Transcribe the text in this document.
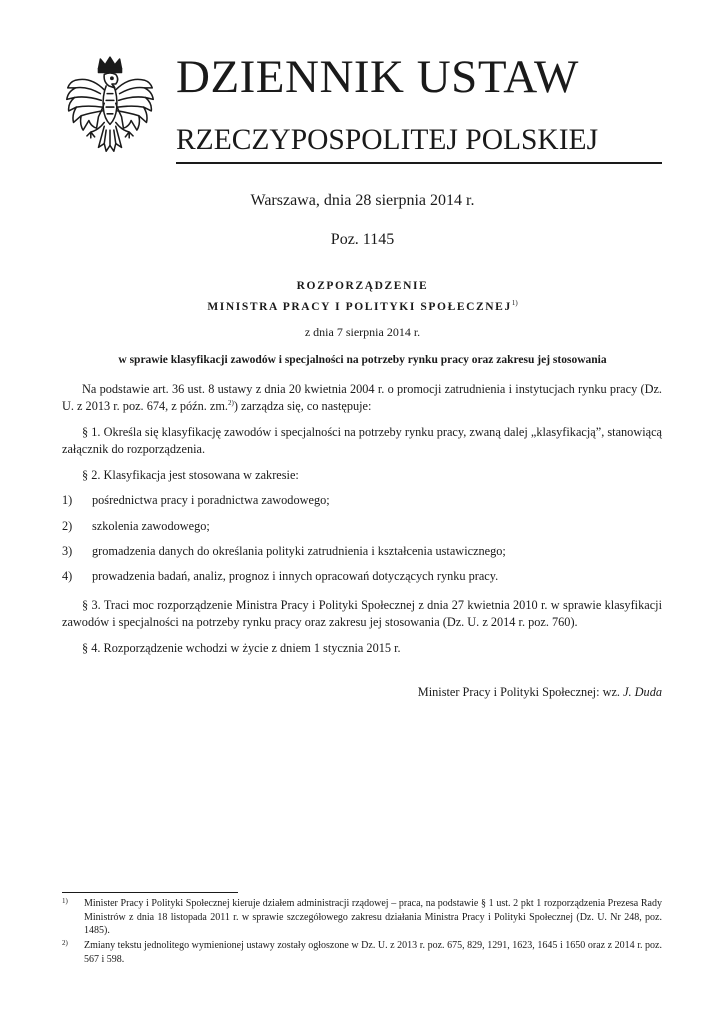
DZIENNIK USTAW
RZECZYPOSPOLITEJ POLSKIEJ

Warszawa, dnia 28 sierpnia 2014 r.

Poz. 1145

ROZPORZĄDZENIE

MINISTRA PRACY I POLITYKI SPOŁECZNEJ$^{1)}$

z dnia 7 sierpnia 2014 r.

w sprawie klasyfikacji zawodów i specjalności na potrzeby rynku pracy oraz zakresu jej stosowania

Na podstawie art. 36 ust. 8 ustawy z dnia 20 kwietnia 2004 r. o promocji zatrudnienia i instytucjach rynku pracy (Dz. U. z 2013 r. poz. 674, z późn. zm.$^{2)}$) zarządza się, co następuje:

§ 1. Określa się klasyfikację zawodów i specjalności na potrzeby rynku pracy, zwaną dalej „klasyfikacją”, stanowiącą załącznik do rozporządzenia.

§ 2. Klasyfikacja jest stosowana w zakresie:

1) pośrednictwa pracy i poradnictwa zawodowego;
2) szkolenia zawodowego;
3) gromadzenia danych do określania polityki zatrudnienia i kształcenia ustawicznego;
4) prowadzenia badań, analiz, prognoz i innych opracowań dotyczących rynku pracy.

§ 3. Traci moc rozporządzenie Ministra Pracy i Polityki Społecznej z dnia 27 kwietnia 2010 r. w sprawie klasyfikacji zawodów i specjalności na potrzeby rynku pracy oraz zakresu jej stosowania (Dz. U. z 2014 r. poz. 760).

§ 4. Rozporządzenie wchodzi w życie z dniem 1 stycznia 2015 r.

Minister Pracy i Polityki Społecznej: wz. J. Duda

1) Minister Pracy i Polityki Społecznej kieruje działem administracji rządowej – praca, na podstawie § 1 ust. 2 pkt 1 rozporządzenia Prezesa Rady Ministrów z dnia 18 listopada 2011 r. w sprawie szczegółowego zakresu działania Ministra Pracy i Polityki Społecznej (Dz. U. Nr 248, poz. 1485).
2) Zmiany tekstu jednolitego wymienionej ustawy zostały ogłoszone w Dz. U. z 2013 r. poz. 675, 829, 1291, 1623, 1645 i 1650 oraz z 2014 r. poz. 567 i 598.
